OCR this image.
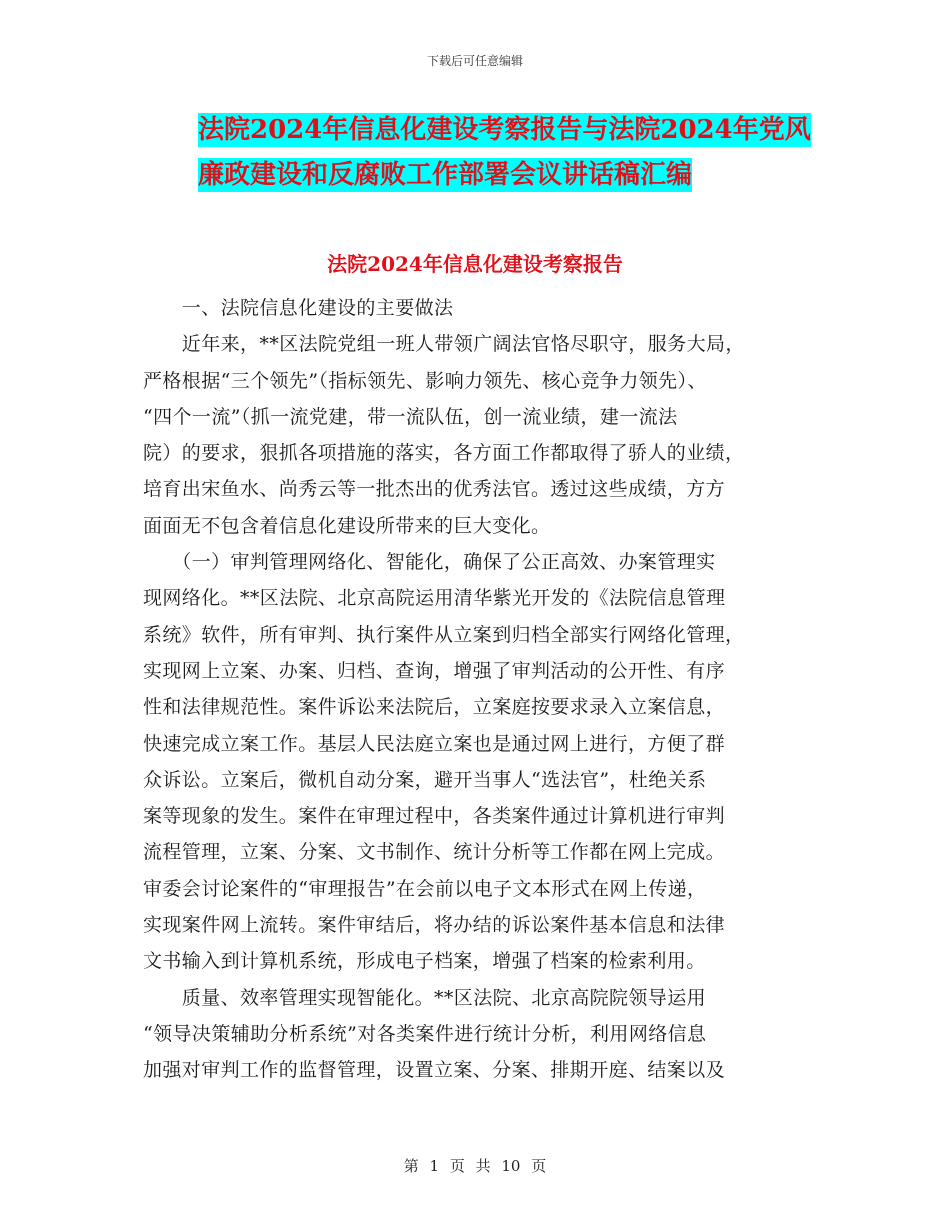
下载后可任意编辑
法院2024年信息化建设考察报告与法院2024年党风
廉政建设和反腐败工作部署会议讲话稿汇编
法院2024年信息化建设考察报告
　　一、法院信息化建设的主要做法
　　近年来，**区法院党组一班人带领广阔法官恪尽职守，服务大局，
严格根据“三个领先”（指标领先、影响力领先、核心竞争力领先）、
“四个一流”（抓一流党建，带一流队伍，创一流业绩，建一流法
院）的要求，狠抓各项措施的落实，各方面工作都取得了骄人的业绩，
培育出宋鱼水、尚秀云等一批杰出的优秀法官。透过这些成绩，方方
面面无不包含着信息化建设所带来的巨大变化。
　　（一）审判管理网络化、智能化，确保了公正高效、办案管理实
现网络化。**区法院、北京高院运用清华紫光开发的《法院信息管理
系统》软件，所有审判、执行案件从立案到归档全部实行网络化管理，
实现网上立案、办案、归档、查询，增强了审判活动的公开性、有序
性和法律规范性。案件诉讼来法院后，立案庭按要求录入立案信息，
快速完成立案工作。基层人民法庭立案也是通过网上进行，方便了群
众诉讼。立案后，微机自动分案，避开当事人“选法官”，杜绝关系
案等现象的发生。案件在审理过程中，各类案件通过计算机进行审判
流程管理，立案、分案、文书制作、统计分析等工作都在网上完成。
审委会讨论案件的“审理报告”在会前以电子文本形式在网上传递，
实现案件网上流转。案件审结后，将办结的诉讼案件基本信息和法律
文书输入到计算机系统，形成电子档案，增强了档案的检索利用。
　　质量、效率管理实现智能化。**区法院、北京高院院领导运用
“领导决策辅助分析系统”对各类案件进行统计分析，利用网络信息
加强对审判工作的监督管理，设置立案、分案、排期开庭、结案以及
第 1 页 共 10 页
